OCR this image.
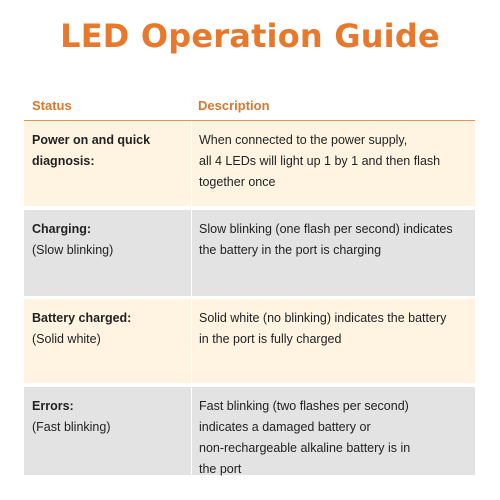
LED Operation Guide
Status	Description
Power on and quick diagnosis:
When connected to the power supply,
all 4 LEDs will light up 1 by 1 and then flash
together once
Charging:
(Slow blinking)
Slow blinking (one flash per second) indicates
the battery in the port is charging
Battery charged:
(Solid white)
Solid white (no blinking) indicates the battery
in the port is fully charged
Errors:
(Fast blinking)
Fast blinking (two flashes per second)
indicates a damaged battery or
non-rechargeable alkaline battery is in
the port
